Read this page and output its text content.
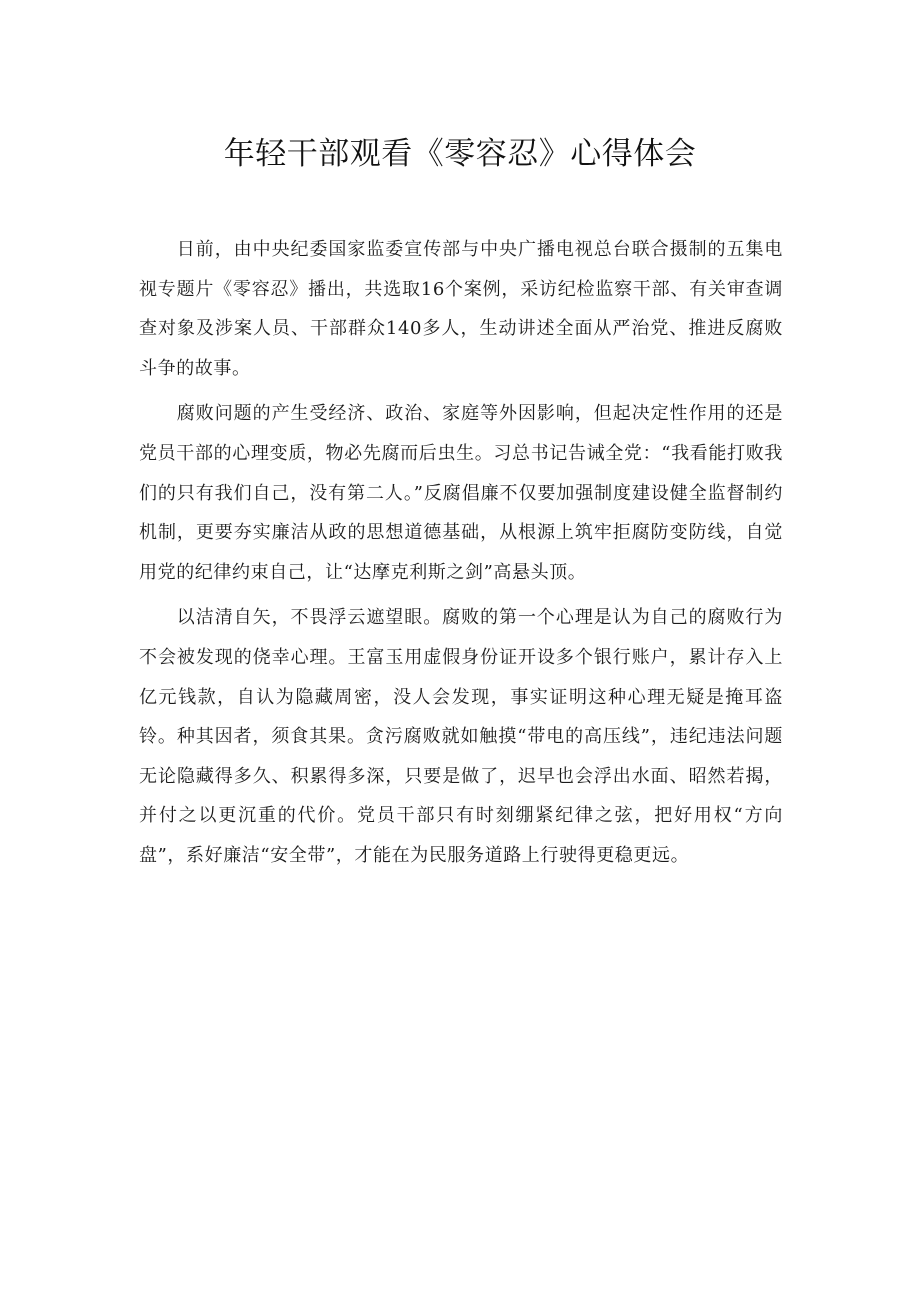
年轻干部观看《零容忍》心得体会

日前，由中央纪委国家监委宣传部与中央广播电视总台联合摄制的五集电视专题片《零容忍》播出，共选取16个案例，采访纪检监察干部、有关审查调查对象及涉案人员、干部群众140多人，生动讲述全面从严治党、推进反腐败斗争的故事。

腐败问题的产生受经济、政治、家庭等外因影响，但起决定性作用的还是党员干部的心理变质，物必先腐而后虫生。习总书记告诫全党：“我看能打败我们的只有我们自己，没有第二人。”反腐倡廉不仅要加强制度建设健全监督制约机制，更要夯实廉洁从政的思想道德基础，从根源上筑牢拒腐防变防线，自觉用党的纪律约束自己，让“达摩克利斯之剑”高悬头顶。

以洁清自矢，不畏浮云遮望眼。腐败的第一个心理是认为自己的腐败行为不会被发现的侥幸心理。王富玉用虚假身份证开设多个银行账户，累计存入上亿元钱款，自认为隐藏周密，没人会发现，事实证明这种心理无疑是掩耳盗铃。种其因者，须食其果。贪污腐败就如触摸“带电的高压线”，违纪违法问题无论隐藏得多久、积累得多深，只要是做了，迟早也会浮出水面、昭然若揭，并付之以更沉重的代价。党员干部只有时刻绷紧纪律之弦，把好用权“方向盘”，系好廉洁“安全带”，才能在为民服务道路上行驶得更稳更远。
